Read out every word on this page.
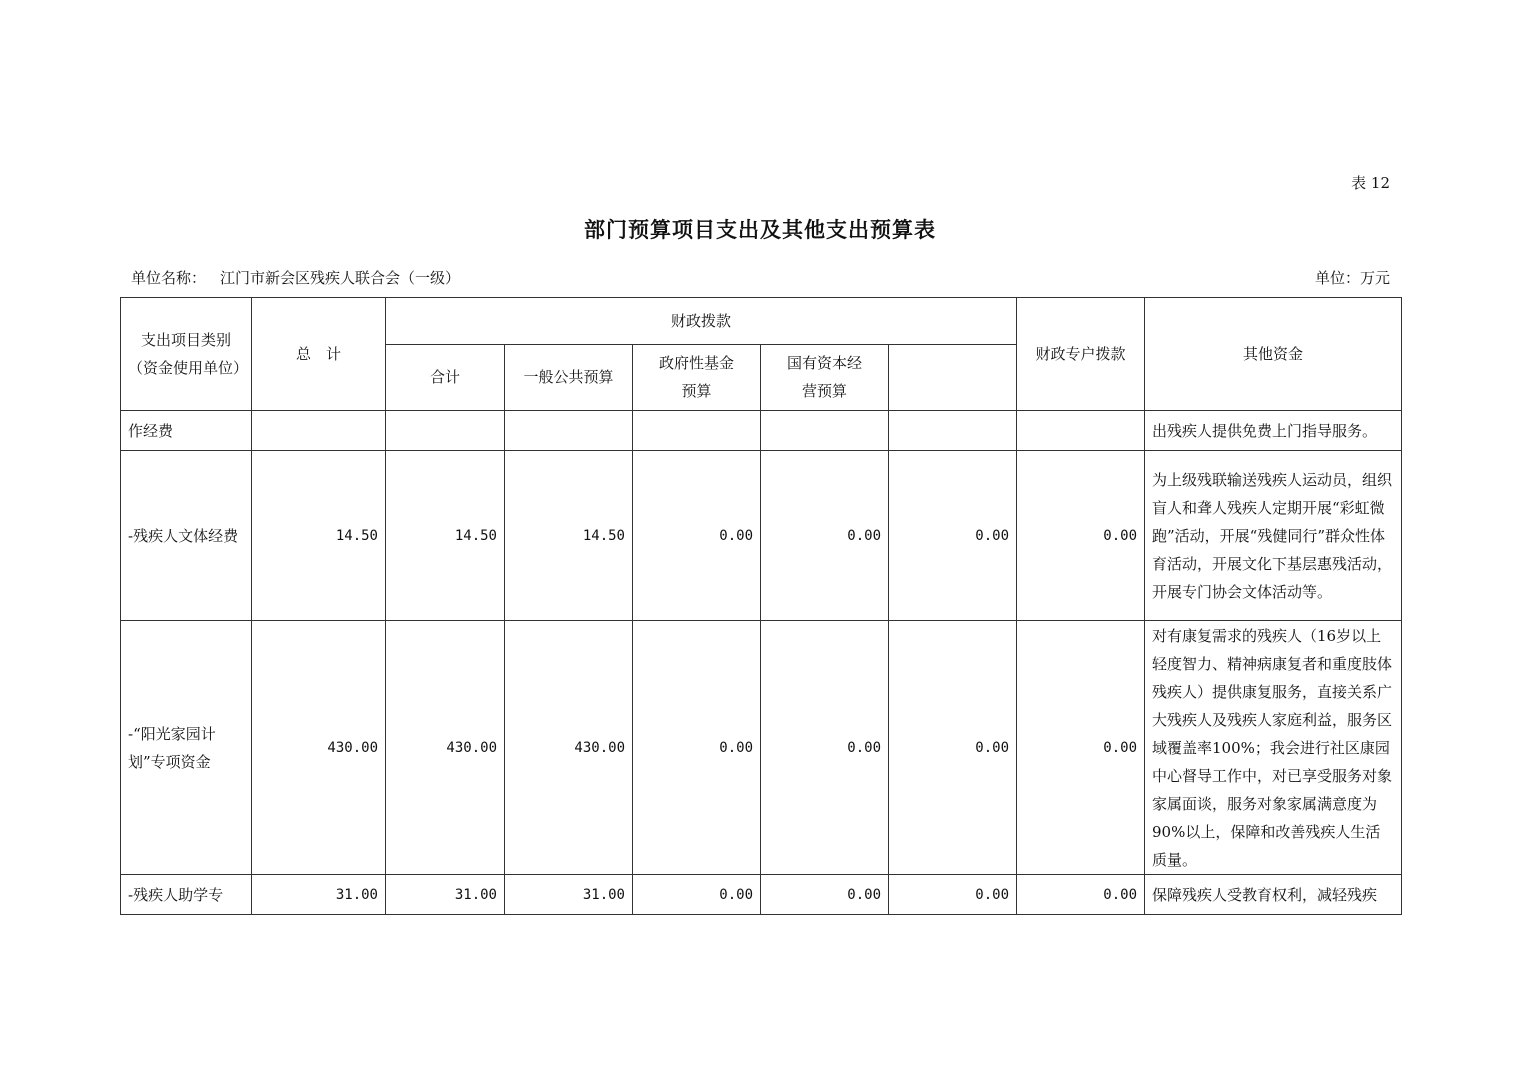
表 12
部门预算项目支出及其他支出预算表
单位名称： 江门市新会区残疾人联合会（一级）	单位：万元
支出项目类别（资金使用单位）	总　计	财政拨款					财政专户拨款	其他资金	
		合计	一般公共预算	政府性基金预算	国有资本经营预算				
作经费								出残疾人提供免费上门指导服务。	
-残疾人文体经费	14.50	14.50	14.50	0.00	0.00	0.00	0.00	为上级残联输送残疾人运动员，组织盲人和聋人残疾人定期开展“彩虹微跑”活动，开展“残健同行”群众性体育活动，开展文化下基层惠残活动，开展专门协会文体活动等。	
-“阳光家园计划”专项资金	430.00	430.00	430.00	0.00	0.00	0.00	0.00	对有康复需求的残疾人（16岁以上轻度智力、精神病康复者和重度肢体残疾人）提供康复服务，直接关系广大残疾人及残疾人家庭利益，服务区域覆盖率100%；我会进行社区康园中心督导工作中，对已享受服务对象家属面谈，服务对象家属满意度为90%以上，保障和改善残疾人生活质量。	
-残疾人助学专	31.00	31.00	31.00	0.00	0.00	0.00	0.00	保障残疾人受教育权利，减轻残疾	
